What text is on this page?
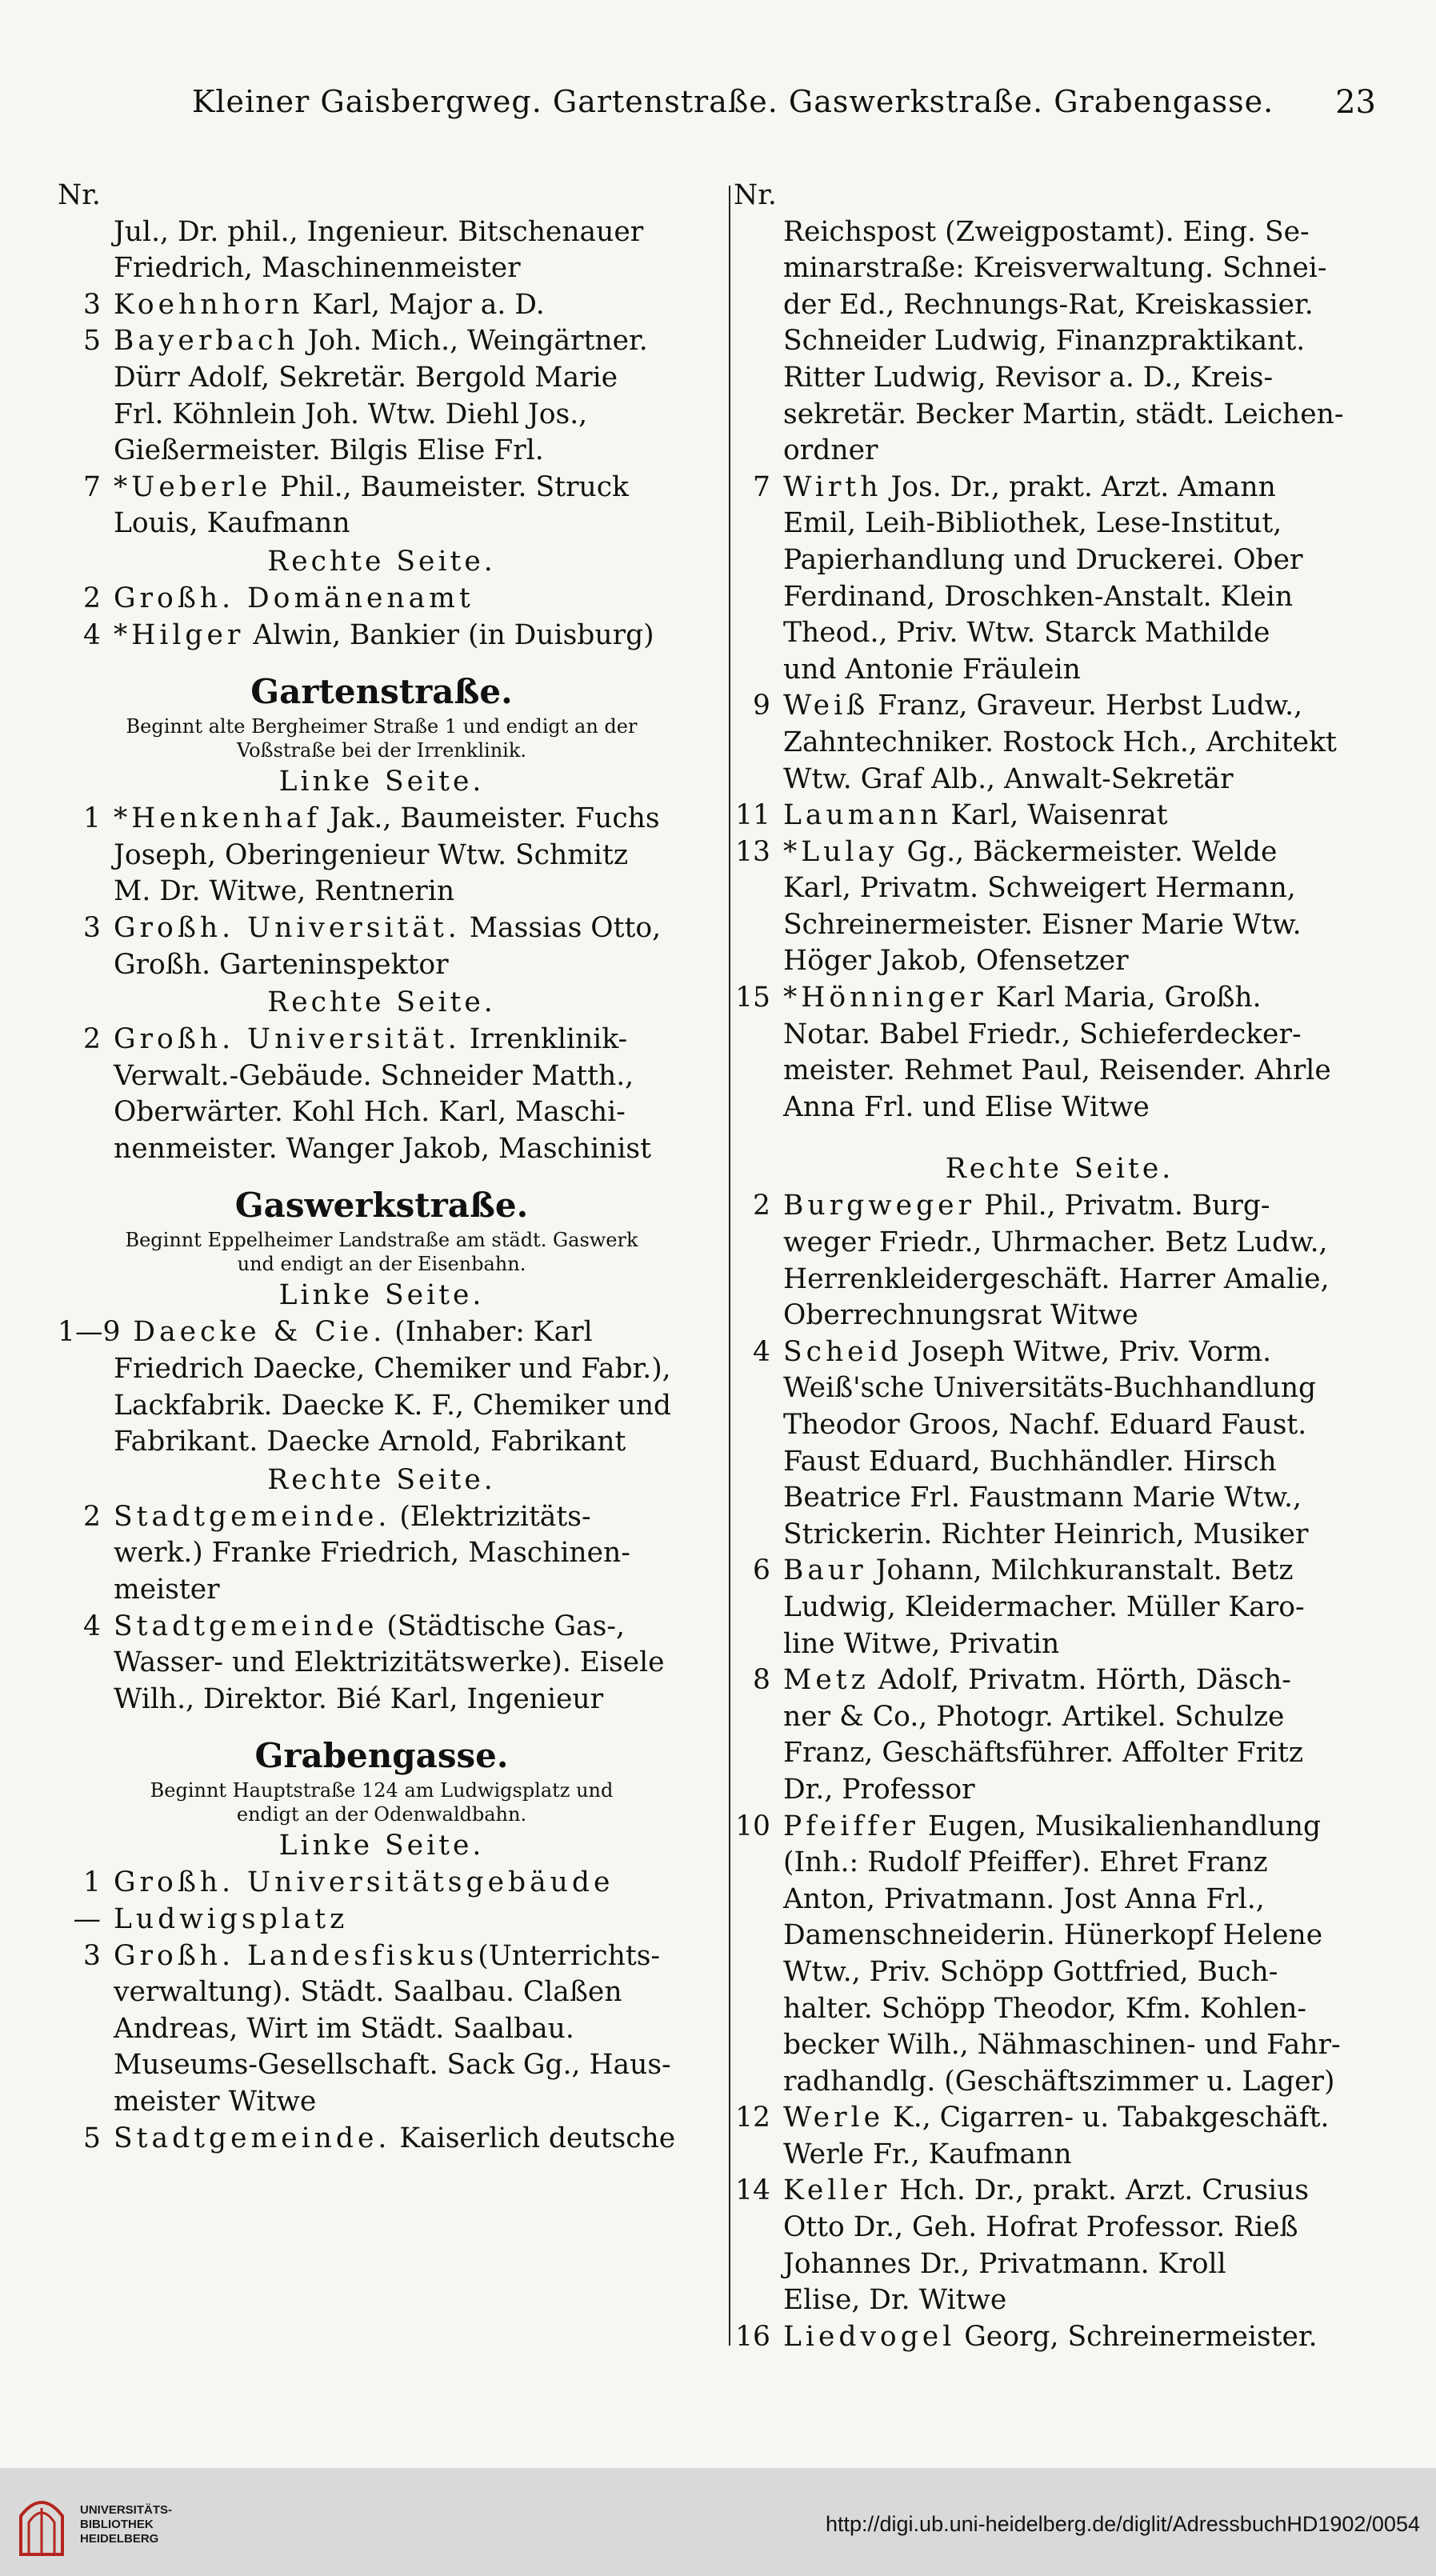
Kleiner Gaisbergweg. Gartenstraße. Gaswerkstraße. Grabengasse. 23
Nr.
Jul., Dr. phil., Ingenieur. Bitschenauer
Friedrich, Maschinenmeister
3 Koehnhorn Karl, Major a. D.
5 Bayerbach Joh. Mich., Weingärtner.
Dürr Adolf, Sekretär. Bergold Marie
Frl. Köhnlein Joh. Wtw. Diehl Jos.,
Gießermeister. Bilgis Elise Frl.
7 *Ueberle Phil., Baumeister. Struck
Louis, Kaufmann
Rechte Seite.
2 Großh. Domänenamt
4 *Hilger Alwin, Bankier (in Duisburg)
Gartenstraße.
Beginnt alte Bergheimer Straße 1 und endigt an der
Voßstraße bei der Irrenklinik.
Linke Seite.
1 *Henkenhaf Jak., Baumeister. Fuchs
Joseph, Oberingenieur Wtw. Schmitz
M. Dr. Witwe, Rentnerin
3 Großh. Universität. Massias Otto,
Großh. Garteninspektor
Rechte Seite.
2 Großh. Universität. Irrenklinik-
Verwalt.-Gebäude. Schneider Matth.,
Oberwärter. Kohl Hch. Karl, Maschi-
nenmeister. Wanger Jakob, Maschinist
Gaswerkstraße.
Beginnt Eppelheimer Landstraße am städt. Gaswerk
und endigt an der Eisenbahn.
Linke Seite.
1—9 Daecke & Cie. (Inhaber: Karl
Friedrich Daecke, Chemiker und Fabr.),
Lackfabrik. Daecke K. F., Chemiker und
Fabrikant. Daecke Arnold, Fabrikant
Rechte Seite.
2 Stadtgemeinde. (Elektrizitäts-
werk.) Franke Friedrich, Maschinen-
meister
4 Stadtgemeinde (Städtische Gas-,
Wasser- und Elektrizitätswerke). Eisele
Wilh., Direktor. Bié Karl, Ingenieur
Grabengasse.
Beginnt Hauptstraße 124 am Ludwigsplatz und
endigt an der Odenwaldbahn.
Linke Seite.
1 Großh. Universitätsgebäude
— Ludwigsplatz
3 Großh. Landesfiskus(Unterrichts-
verwaltung). Städt. Saalbau. Claßen
Andreas, Wirt im Städt. Saalbau.
Museums-Gesellschaft. Sack Gg., Haus-
meister Witwe
5 Stadtgemeinde. Kaiserlich deutsche
Nr.
Reichspost (Zweigpostamt). Eing. Se-
minarstraße: Kreisverwaltung. Schnei-
der Ed., Rechnungs-Rat, Kreiskassier.
Schneider Ludwig, Finanzpraktikant.
Ritter Ludwig, Revisor a. D., Kreis-
sekretär. Becker Martin, städt. Leichen-
ordner
7 Wirth Jos. Dr., prakt. Arzt. Amann
Emil, Leih-Bibliothek, Lese-Institut,
Papierhandlung und Druckerei. Ober
Ferdinand, Droschken-Anstalt. Klein
Theod., Priv. Wtw. Starck Mathilde
und Antonie Fräulein
9 Weiß Franz, Graveur. Herbst Ludw.,
Zahntechniker. Rostock Hch., Architekt
Wtw. Graf Alb., Anwalt-Sekretär
11 Laumann Karl, Waisenrat
13 *Lulay Gg., Bäckermeister. Welde
Karl, Privatm. Schweigert Hermann,
Schreinermeister. Eisner Marie Wtw.
Höger Jakob, Ofensetzer
15 *Hönninger Karl Maria, Großh.
Notar. Babel Friedr., Schieferdecker-
meister. Rehmet Paul, Reisender. Ahrle
Anna Frl. und Elise Witwe
Rechte Seite.
2 Burgweger Phil., Privatm. Burg-
weger Friedr., Uhrmacher. Betz Ludw.,
Herrenkleidergeschäft. Harrer Amalie,
Oberrechnungsrat Witwe
4 Scheid Joseph Witwe, Priv. Vorm.
Weiß'sche Universitäts-Buchhandlung
Theodor Groos, Nachf. Eduard Faust.
Faust Eduard, Buchhändler. Hirsch
Beatrice Frl. Faustmann Marie Wtw.,
Strickerin. Richter Heinrich, Musiker
6 Baur Johann, Milchkuranstalt. Betz
Ludwig, Kleidermacher. Müller Karo-
line Witwe, Privatin
8 Metz Adolf, Privatm. Hörth, Däsch-
ner & Co., Photogr. Artikel. Schulze
Franz, Geschäftsführer. Affolter Fritz
Dr., Professor
10 Pfeiffer Eugen, Musikalienhandlung
(Inh.: Rudolf Pfeiffer). Ehret Franz
Anton, Privatmann. Jost Anna Frl.,
Damenschneiderin. Hünerkopf Helene
Wtw., Priv. Schöpp Gottfried, Buch-
halter. Schöpp Theodor, Kfm. Kohlen-
becker Wilh., Nähmaschinen- und Fahr-
radhandlg. (Geschäftszimmer u. Lager)
12 Werle K., Cigarren- u. Tabakgeschäft.
Werle Fr., Kaufmann
14 Keller Hch. Dr., prakt. Arzt. Crusius
Otto Dr., Geh. Hofrat Professor. Rieß
Johannes Dr., Privatmann. Kroll
Elise, Dr. Witwe
16 Liedvogel Georg, Schreinermeister.
UNIVERSITÄTS-
BIBLIOTHEK
HEIDELBERG
http://digi.ub.uni-heidelberg.de/diglit/AdressbuchHD1902/0054
